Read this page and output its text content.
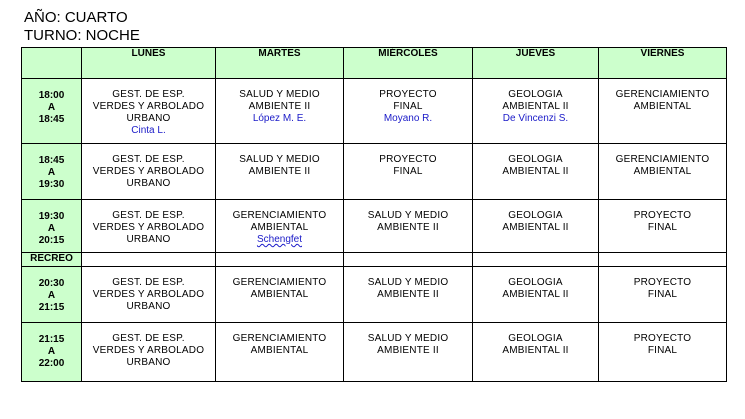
AÑO: CUARTO
TURNO: NOCHE
	LUNES	MARTES	MIÉRCOLES	JUEVES	VIERNES

18:00
A
18:45	GEST. DE ESP.
VERDES Y ARBOLADO
URBANO
Cinta L.	SALUD Y MEDIO
AMBIENTE II
López M. E.	PROYECTO
FINAL
Moyano R.	GEOLOGIA
AMBIENTAL II
De Vincenzi S.	GERENCIAMIENTO
AMBIENTAL

18:45
A
19:30	GEST. DE ESP.
VERDES Y ARBOLADO
URBANO	SALUD Y MEDIO
AMBIENTE II	PROYECTO
FINAL	GEOLOGIA
AMBIENTAL II	GERENCIAMIENTO
AMBIENTAL

19:30
A
20:15	GEST. DE ESP.
VERDES Y ARBOLADO
URBANO	GERENCIAMIENTO
AMBIENTAL
Schengfet	SALUD Y MEDIO
AMBIENTE II	GEOLOGIA
AMBIENTAL II	PROYECTO
FINAL

RECREO					

20:30
A
21:15	GEST. DE ESP.
VERDES Y ARBOLADO
URBANO	GERENCIAMIENTO
AMBIENTAL	SALUD Y MEDIO
AMBIENTE II	GEOLOGIA
AMBIENTAL II	PROYECTO
FINAL

21:15
A
22:00	GEST. DE ESP.
VERDES Y ARBOLADO
URBANO	GERENCIAMIENTO
AMBIENTAL	SALUD Y MEDIO
AMBIENTE II	GEOLOGIA
AMBIENTAL II	PROYECTO
FINAL
